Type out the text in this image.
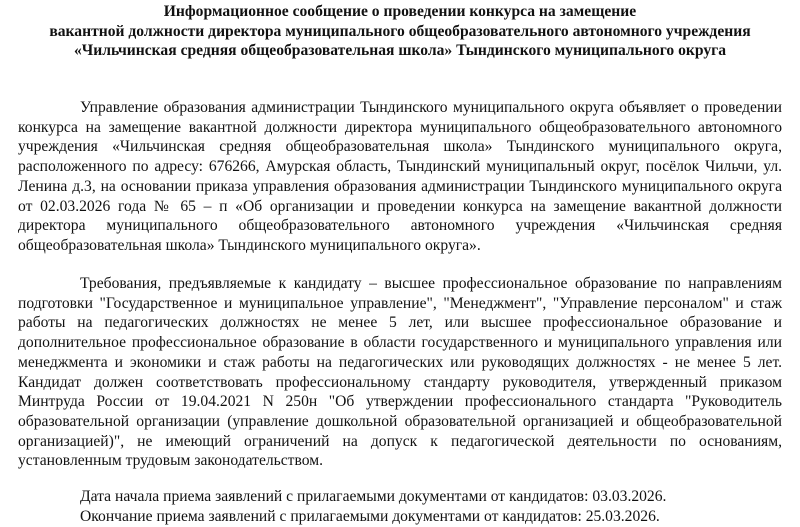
Информационное сообщение о проведении конкурса на замещение
вакантной должности директора муниципального общеобразовательного автономного учреждения
«Чильчинская средняя общеобразовательная школа» Тындинского муниципального округа
Управление образования администрации Тындинского муниципального округа объявляет о проведении конкурса на замещение вакантной должности директора муниципального общеобразовательного автономного учреждения «Чильчинская средняя общеобразовательная школа» Тындинского муниципального округа, расположенного по адресу: 676266, Амурская область, Тындинский муниципальный округ, посёлок Чильчи, ул. Ленина д.3, на основании приказа управления образования администрации Тындинского муниципального округа от 02.03.2026 года № 65 – п «Об организации и проведении конкурса на замещение вакантной должности директора муниципального общеобразовательного автономного учреждения «Чильчинская средняя общеобразовательная школа» Тындинского муниципального округа».
Требования, предъявляемые к кандидату – высшее профессиональное образование по направлениям подготовки "Государственное и муниципальное управление", "Менеджмент", "Управление персоналом" и стаж работы на педагогических должностях не менее 5 лет, или высшее профессиональное образование и дополнительное профессиональное образование в области государственного и муниципального управления или менеджмента и экономики и стаж работы на педагогических или руководящих должностях - не менее 5 лет. Кандидат должен соответствовать профессиональному стандарту руководителя, утвержденный приказом Минтруда России от 19.04.2021 N 250н "Об утверждении профессионального стандарта "Руководитель образовательной организации (управление дошкольной образовательной организацией и общеобразовательной организацией)", не имеющий ограничений на допуск к педагогической деятельности по основаниям, установленным трудовым законодательством.
Дата начала приема заявлений с прилагаемыми документами от кандидатов: 03.03.2026.
Окончание приема заявлений с прилагаемыми документами от кандидатов: 25.03.2026.
